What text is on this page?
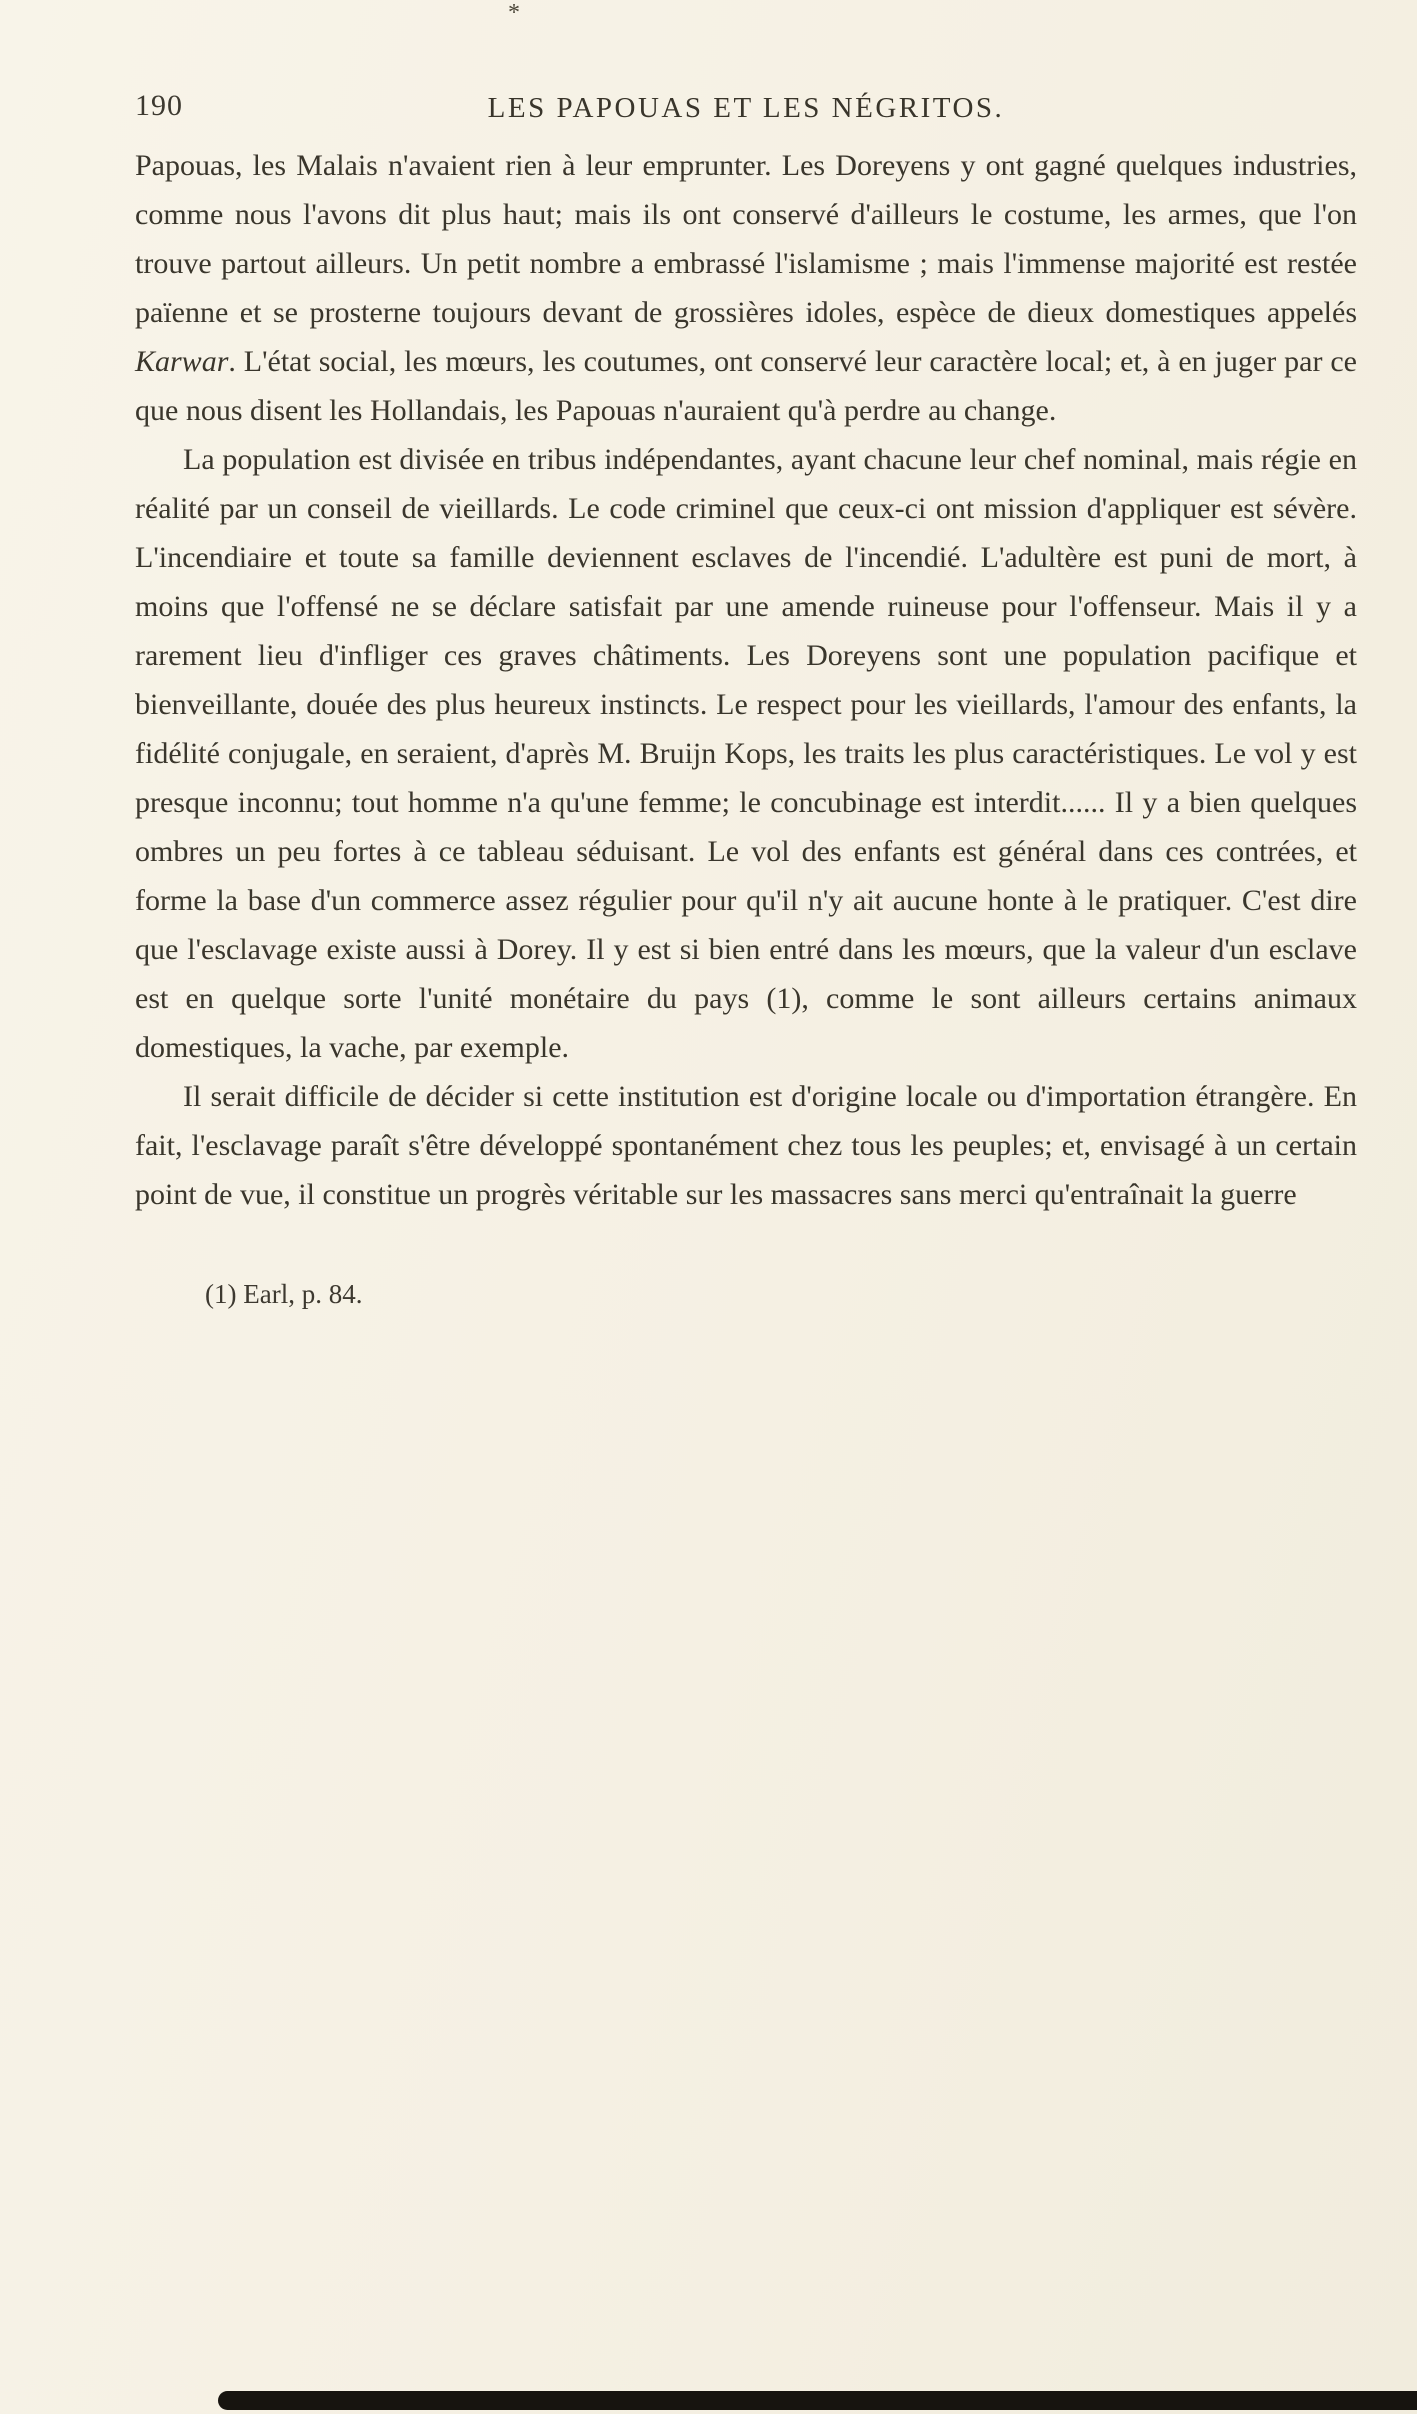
*
190	LES PAPOUAS ET LES NÉGRITOS.

Papouas, les Malais n'avaient rien à leur emprunter. Les Doreyens y ont gagné quelques industries, comme nous l'avons dit plus haut; mais ils ont conservé d'ailleurs le costume, les armes, que l'on trouve partout ailleurs. Un petit nombre a embrassé l'islamisme ; mais l'immense majorité est restée païenne et se prosterne toujours devant de grossières idoles, espèce de dieux domestiques appelés Karwar. L'état social, les mœurs, les coutumes, ont conservé leur caractère local; et, à en juger par ce que nous disent les Hollandais, les Papouas n'auraient qu'à perdre au change.

La population est divisée en tribus indépendantes, ayant chacune leur chef nominal, mais régie en réalité par un conseil de vieillards. Le code criminel que ceux-ci ont mission d'appliquer est sévère. L'incendiaire et toute sa famille deviennent esclaves de l'incendié. L'adultère est puni de mort, à moins que l'offensé ne se déclare satisfait par une amende ruineuse pour l'offenseur. Mais il y a rarement lieu d'infliger ces graves châtiments. Les Doreyens sont une population pacifique et bienveillante, douée des plus heureux instincts. Le respect pour les vieillards, l'amour des enfants, la fidélité conjugale, en seraient, d'après M. Bruijn Kops, les traits les plus caractéristiques. Le vol y est presque inconnu; tout homme n'a qu'une femme; le concubinage est interdit...... Il y a bien quelques ombres un peu fortes à ce tableau séduisant. Le vol des enfants est général dans ces contrées, et forme la base d'un commerce assez régulier pour qu'il n'y ait aucune honte à le pratiquer. C'est dire que l'esclavage existe aussi à Dorey. Il y est si bien entré dans les mœurs, que la valeur d'un esclave est en quelque sorte l'unité monétaire du pays (1), comme le sont ailleurs certains animaux domestiques, la vache, par exemple.

Il serait difficile de décider si cette institution est d'origine locale ou d'importation étrangère. En fait, l'esclavage paraît s'être développé spontanément chez tous les peuples; et, envisagé à un certain point de vue, il constitue un progrès véritable sur les massacres sans merci qu'entraînait la guerre

(1) Earl, p. 84.
